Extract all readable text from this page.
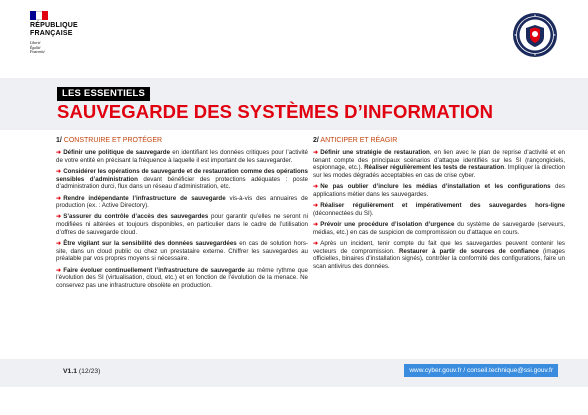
RÉPUBLIQUE
FRANÇAISE
Liberté
Égalité
Fraternité
LES ESSENTIELS
SAUVEGARDE DES SYSTÈMES D’INFORMATION
1/ CONSTRUIRE ET PROTÉGER

➜ Définir une politique de sauvegarde en identifiant les données critiques pour l’activité de votre entité en précisant la fréquence à laquelle il est important de les sauvegarder.

➜ Considérer les opérations de sauvegarde et de restauration comme des opérations sensibles d’administration devant bénéficier des protections adéquates : poste d’administration durci, flux dans un réseau d’administration, etc.

➜ Rendre indépendante l’infrastructure de sauvegarde vis-à-vis des annuaires de production (ex. : Active Directory).

➜ S’assurer du contrôle d’accès des sauvegardes pour garantir qu’elles ne seront ni modifiées ni altérées et toujours disponibles, en particulier dans le cadre de l’utilisation d’offres de sauvegarde cloud.

➜ Être vigilant sur la sensibilité des données sauvegardées en cas de solution hors-site, dans un cloud public ou chez un prestataire externe. Chiffrer les sauvegardes au préalable par vos propres moyens si nécessaire.

➜ Faire évoluer continuellement l’infrastructure de sauvegarde au même rythme que l’évolution des SI (virtualisation, cloud, etc.) et en fonction de l’évolution de la menace. Ne conservez pas une infrastructure obsolète en production.

2/ ANTICIPER ET RÉAGIR

➜ Définir une stratégie de restauration, en lien avec le plan de reprise d’activité et en tenant compte des principaux scénarios d’attaque identifiés sur les SI (rançongiciels, espionnage, etc.). Réaliser régulièrement les tests de restauration. Impliquer la direction sur les modes dégradés acceptables en cas de crise cyber.

➜ Ne pas oublier d’inclure les médias d’installation et les configurations des applications métier dans les sauvegardes.

➜ Réaliser régulièrement et impérativement des sauvegardes hors-ligne (déconnectées du SI).

➜ Prévoir une procédure d’isolation d’urgence du système de sauvegarde (serveurs, médias, etc.) en cas de suspicion de compromission ou d’attaque en cours.

➜ Après un incident, tenir compte du fait que les sauvegardes peuvent contenir les vecteurs de compromission. Restaurer à partir de sources de confiance (images officielles, binaires d’installation signés), contrôler la conformité des configurations, faire un scan antivirus des données.

V1.1 (12/23)	www.cyber.gouv.fr / conseil.technique@ssi.gouv.fr
